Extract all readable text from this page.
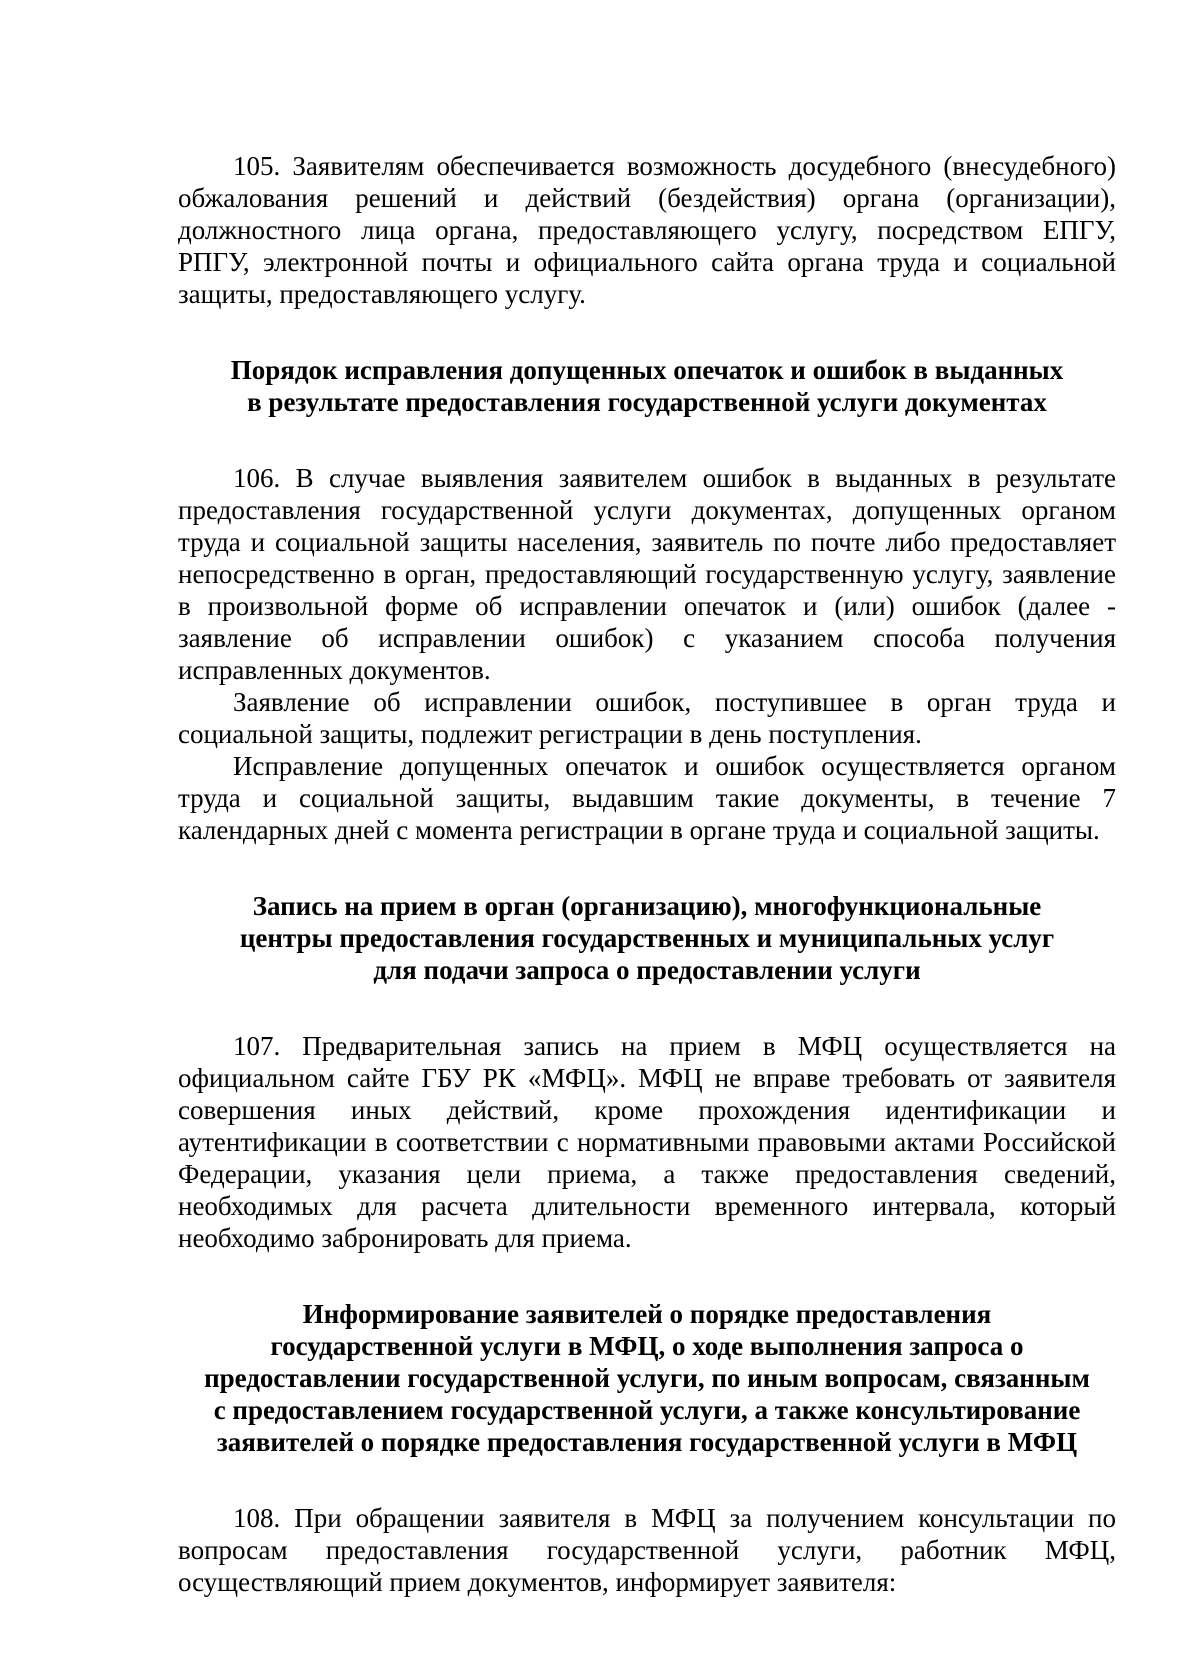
105. Заявителям обеспечивается возможность досудебного (внесудебного) обжалования решений и действий (бездействия) органа (организации), должностного лица органа, предоставляющего услугу, посредством ЕПГУ, РПГУ, электронной почты и официального сайта органа труда и социальной защиты, предоставляющего услугу.

Порядок исправления допущенных опечаток и ошибок в выданных
в результате предоставления государственной услуги документах

106. В случае выявления заявителем ошибок в выданных в результате предоставления государственной услуги документах, допущенных органом труда и социальной защиты населения, заявитель по почте либо предоставляет непосредственно в орган, предоставляющий государственную услугу, заявление в произвольной форме об исправлении опечаток и (или) ошибок (далее - заявление об исправлении ошибок) с указанием способа получения исправленных документов.

Заявление об исправлении ошибок, поступившее в орган труда и социальной защиты, подлежит регистрации в день поступления.

Исправление допущенных опечаток и ошибок осуществляется органом труда и социальной защиты, выдавшим такие документы, в течение 7 календарных дней с момента регистрации в органе труда и социальной защиты.

Запись на прием в орган (организацию), многофункциональные
центры предоставления государственных и муниципальных услуг
для подачи запроса о предоставлении услуги

107. Предварительная запись на прием в МФЦ осуществляется на официальном сайте ГБУ РК «МФЦ». МФЦ не вправе требовать от заявителя совершения иных действий, кроме прохождения идентификации и аутентификации в соответствии с нормативными правовыми актами Российской Федерации, указания цели приема, а также предоставления сведений, необходимых для расчета длительности временного интервала, который необходимо забронировать для приема.

Информирование заявителей о порядке предоставления
государственной услуги в МФЦ, о ходе выполнения запроса о
предоставлении государственной услуги, по иным вопросам, связанным
с предоставлением государственной услуги, а также консультирование
заявителей о порядке предоставления государственной услуги в МФЦ

108. При обращении заявителя в МФЦ за получением консультации по вопросам предоставления государственной услуги, работник МФЦ, осуществляющий прием документов, информирует заявителя:
